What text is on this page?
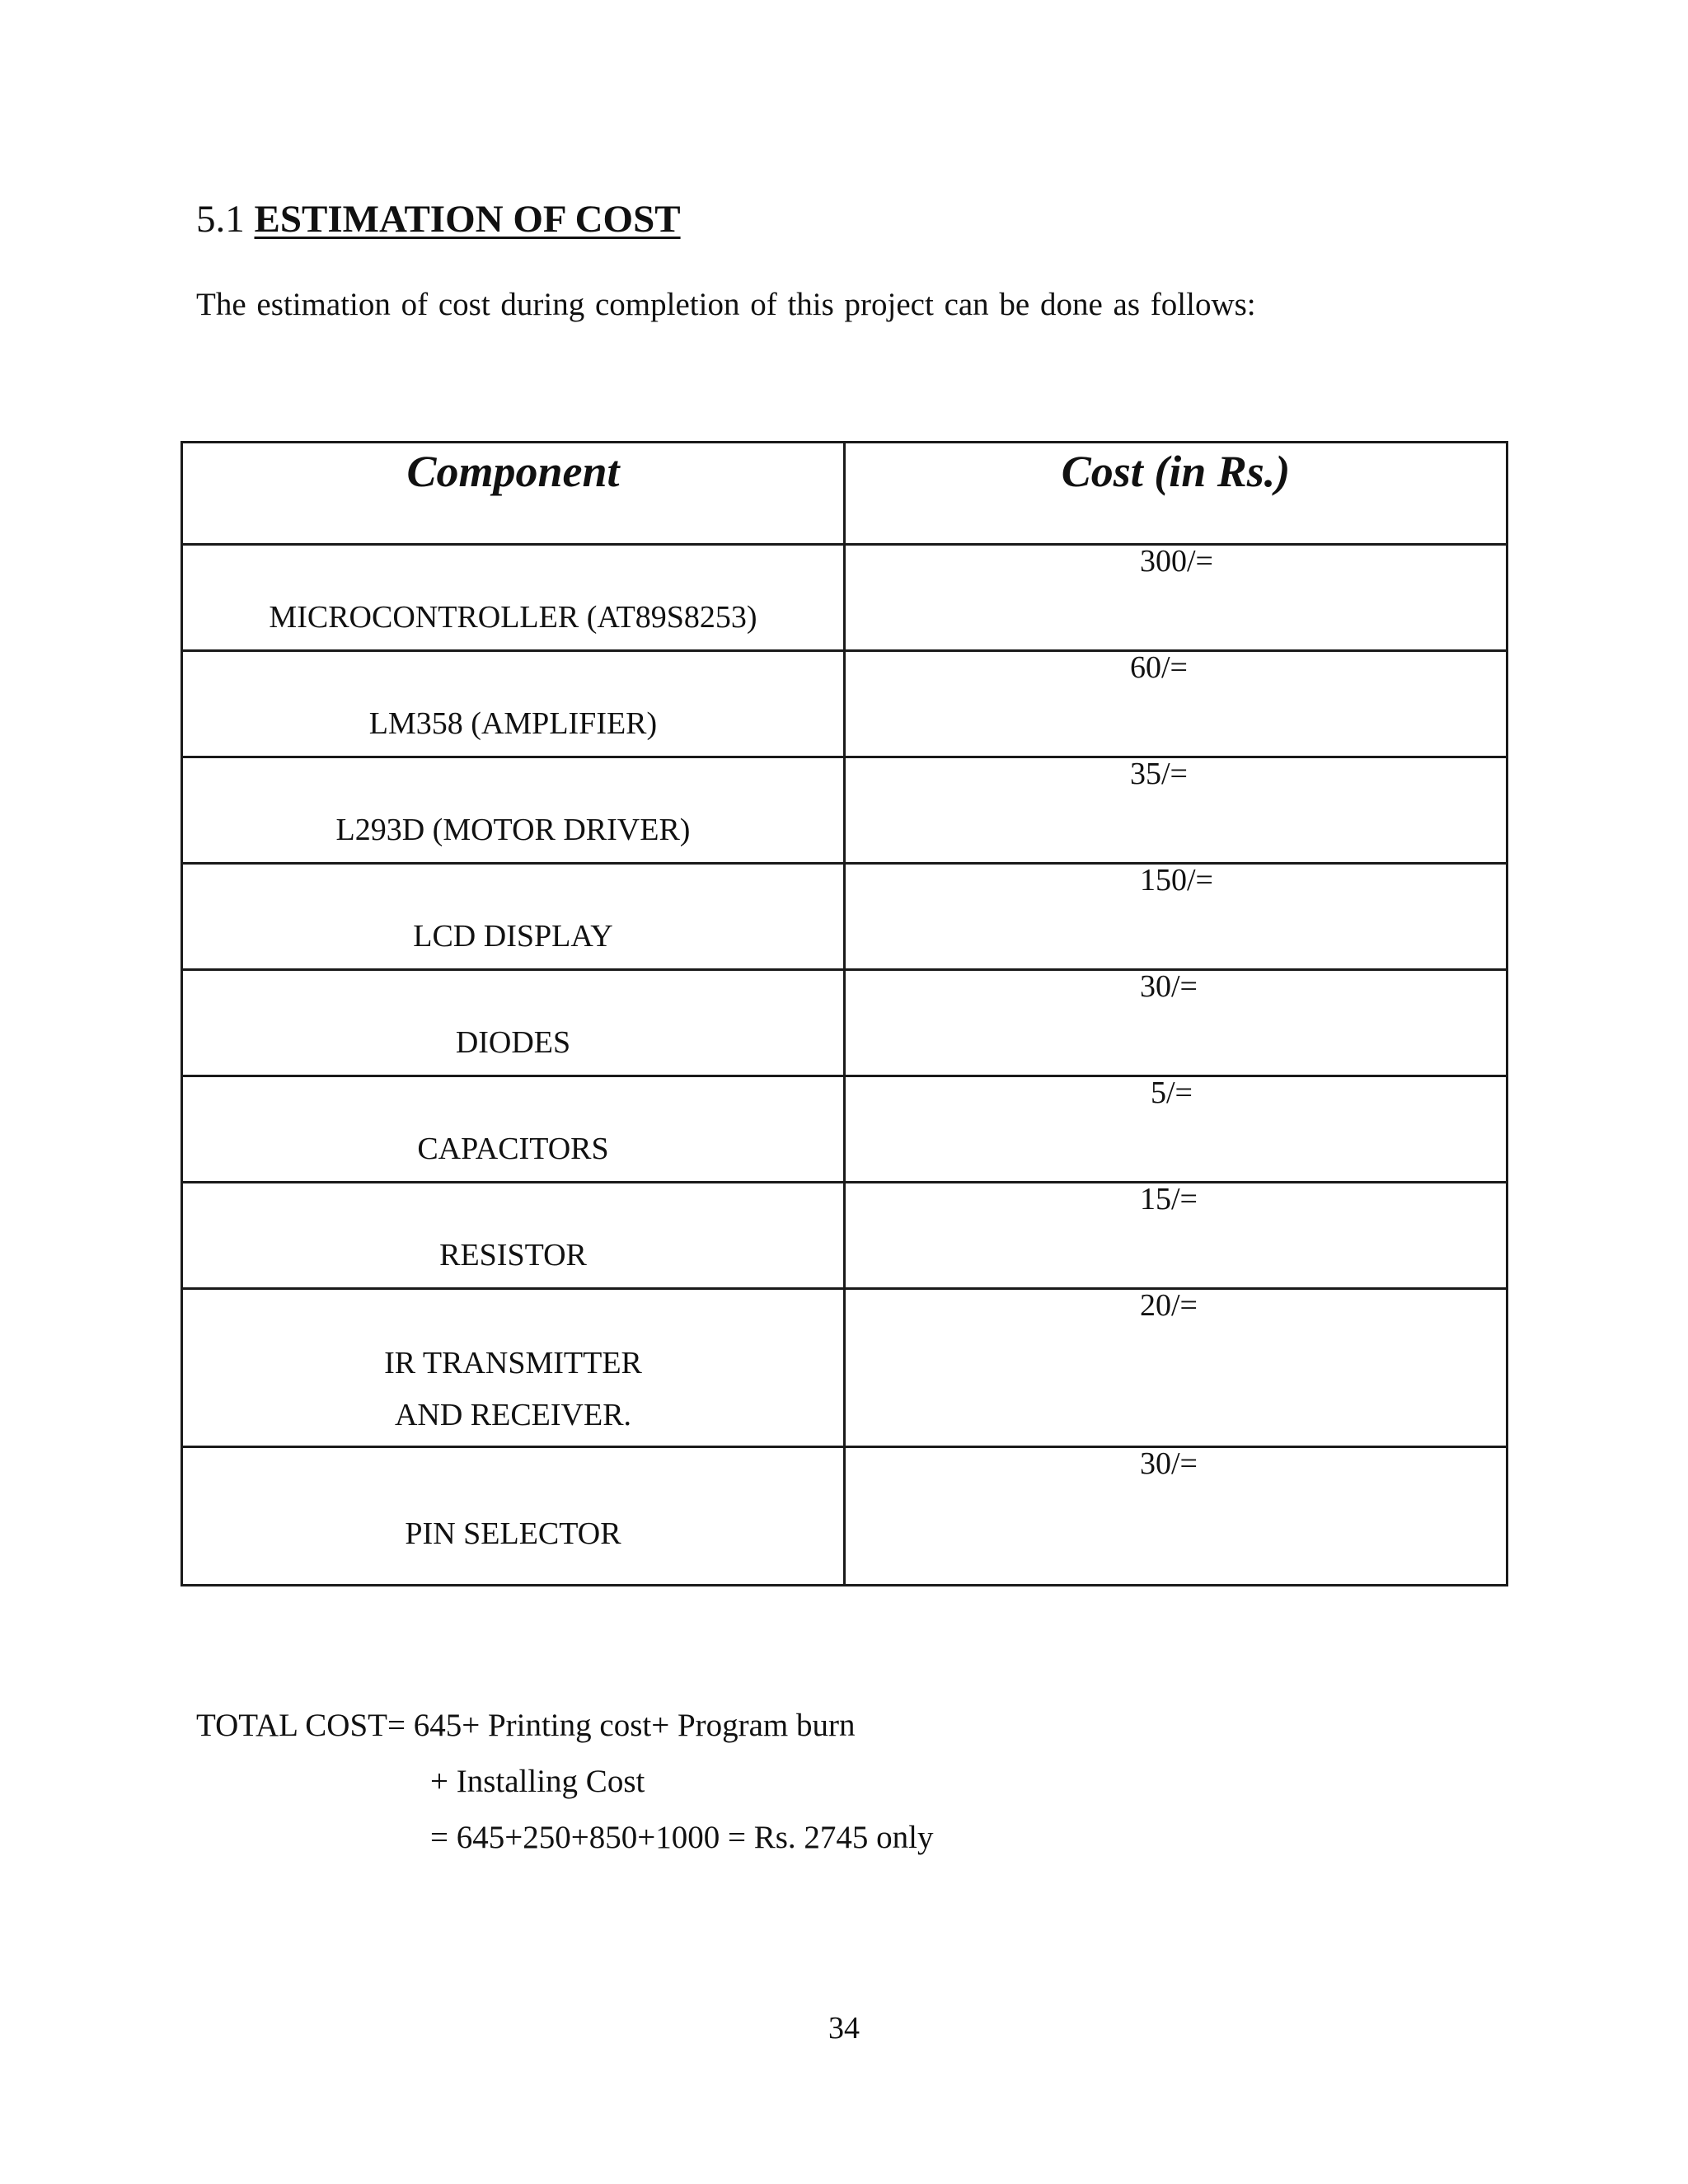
5.1 ESTIMATION OF COST
The estimation of cost during completion of this project can be done as follows:
Component	Cost (in Rs.)

MICROCONTROLLER (AT89S8253)	300/=

LM358 (AMPLIFIER)	60/=

L293D (MOTOR DRIVER)	35/=

LCD DISPLAY	150/=

DIODES	30/=

CAPACITORS	5/=

RESISTOR	15/=

IR TRANSMITTER
AND RECEIVER.	20/=

PIN SELECTOR	30/=
TOTAL COST= 645+ Printing cost+ Program burn
+ Installing Cost
= 645+250+850+1000 = Rs. 2745 only
34
